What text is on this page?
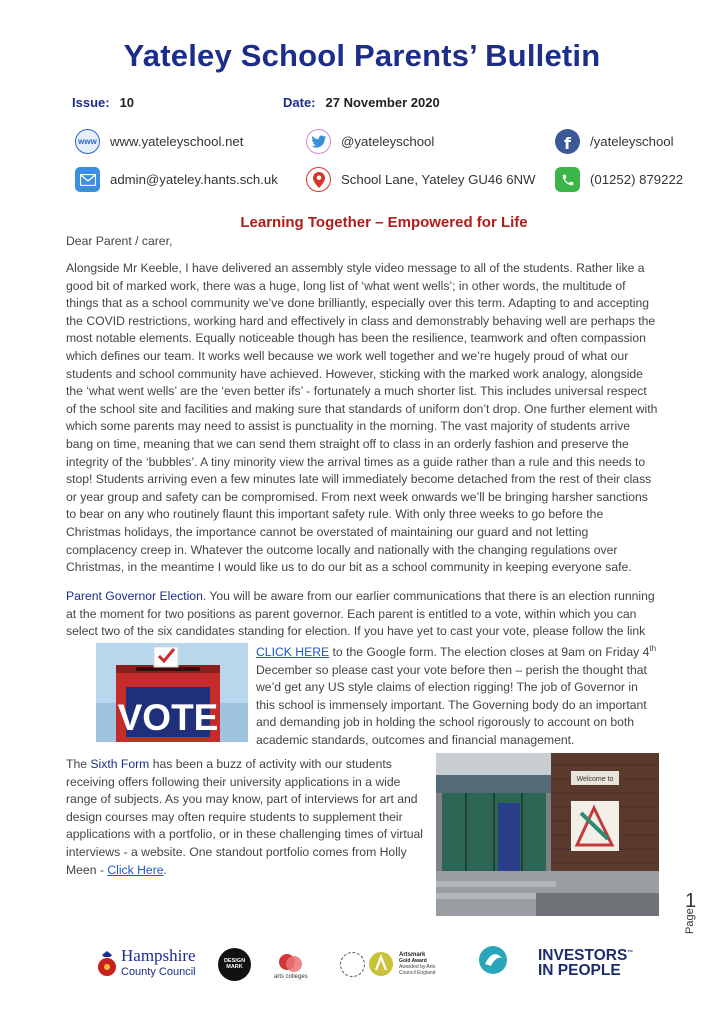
Yateley School Parents’ Bulletin
Issue: 10	Date: 27 November 2020
www www.yateleyschool.net	@yateleyschool	f /yateleyschool
admin@yateley.hants.sch.uk	School Lane, Yateley GU46 6NW	(01252) 879222
Learning Together – Empowered for Life

Dear Parent / carer,

Alongside Mr Keeble, I have delivered an assembly style video message to all of the students. Rather like a good bit of marked work, there was a huge, long list of ‘what went wells’; in other words, the multitude of things that as a school community we’ve done brilliantly, especially over this term. Adapting to and accepting the COVID restrictions, working hard and effectively in class and demonstrably behaving well are perhaps the most notable elements. Equally noticeable though has been the resilience, teamwork and often compassion which defines our team. It works well because we work well together and we’re hugely proud of what our students and school community have achieved. However, sticking with the marked work analogy, alongside the ‘what went wells’ are the ‘even better ifs’ - fortunately a much shorter list. This includes universal respect of the school site and facilities and making sure that standards of uniform don’t drop. One further element with which some parents may need to assist is punctuality in the morning. The vast majority of students arrive bang on time, meaning that we can send them straight off to class in an orderly fashion and preserve the integrity of the ‘bubbles’. A tiny minority view the arrival times as a guide rather than a rule and this needs to stop! Students arriving even a few minutes late will immediately become detached from the rest of their class or year group and safety can be compromised. From next week onwards we’ll be bringing harsher sanctions to bear on any who routinely flaunt this important safety rule. With only three weeks to go before the Christmas holidays, the importance cannot be overstated of maintaining our guard and not letting complacency creep in. Whatever the outcome locally and nationally with the changing regulations over Christmas, in the meantime I would like us to do our bit as a school community in keeping everyone safe.

Parent Governor Election. You will be aware from our earlier communications that there is an election running at the moment for two positions as parent governor. Each parent is entitled to a vote, within which you can select two of the six candidates standing for election. If you have yet to cast your vote, please follow the link

VOTE

CLICK HERE to the Google form. The election closes at 9am on Friday 4th December so please cast your vote before then – perish the thought that we’d get any US style claims of election rigging! The job of Governor in this school is immensely important. The Governing body do an important and demanding job in holding the school rigorously to account on both academic standards, outcomes and financial management.

The Sixth Form has been a buzz of activity with our students receiving offers following their university applications in a wide range of subjects. As you may know, part of interviews for art and design courses may often require students to supplement their applications with a portfolio, or in these challenging times of virtual interviews - a website. One standout portfolio comes from Holly Meen - Click Here.

Welcome to
Page
1
Hampshire
County Council
DESIGN MARK
arts colleges
Artsmark
Gold Award
Awarded by Arts
Council England
INVESTORS™
IN PEOPLE
